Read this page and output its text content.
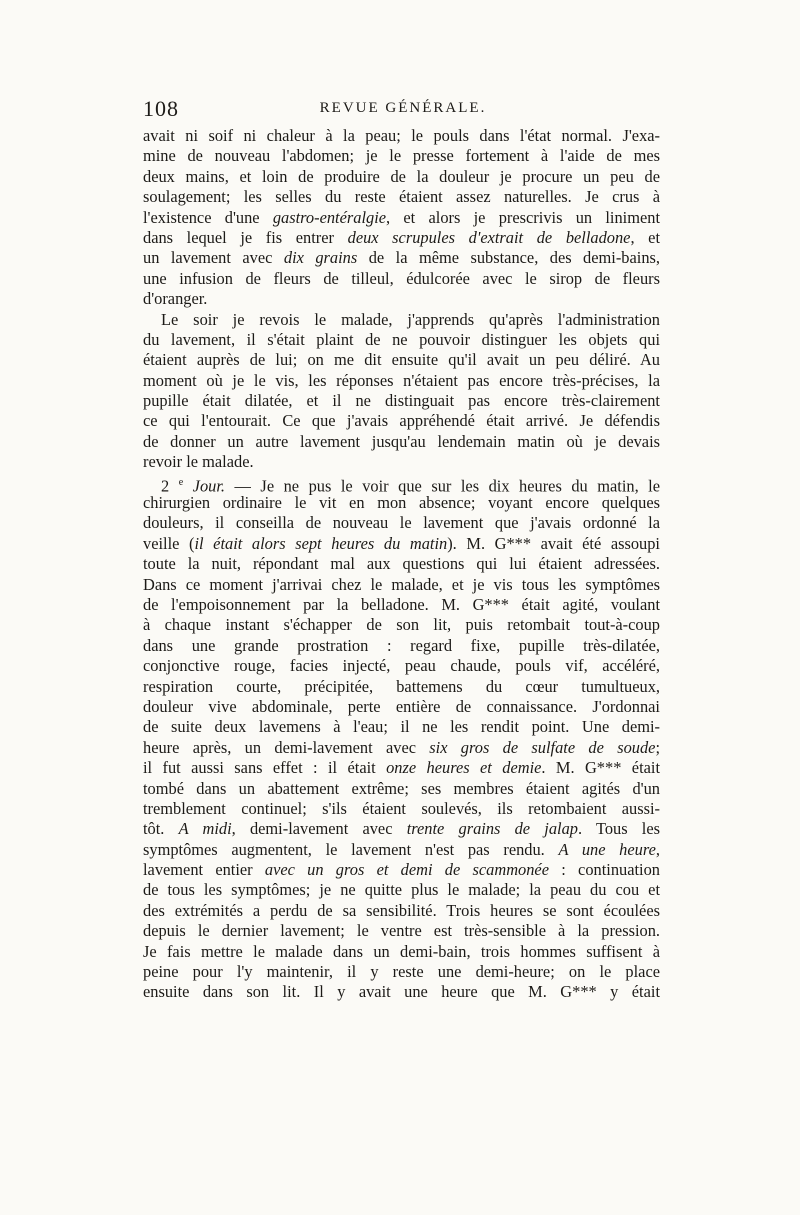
108	REVUE GÉNÉRALE.
avait ni soif ni chaleur à la peau; le pouls dans l'état normal. J'exa-
mine de nouveau l'abdomen; je le presse fortement à l'aide de mes
deux mains, et loin de produire de la douleur je procure un peu de
soulagement; les selles du reste étaient assez naturelles. Je crus à
l'existence d'une gastro-entéralgie, et alors je prescrivis un liniment
dans lequel je fis entrer deux scrupules d'extrait de belladone, et
un lavement avec dix grains de la même substance, des demi-bains,
une infusion de fleurs de tilleul, édulcorée avec le sirop de fleurs
d'oranger.
Le soir je revois le malade, j'apprends qu'après l'administration
du lavement, il s'était plaint de ne pouvoir distinguer les objets qui
étaient auprès de lui; on me dit ensuite qu'il avait un peu déliré. Au
moment où je le vis, les réponses n'étaient pas encore très-précises, la
pupille était dilatée, et il ne distinguait pas encore très-clairement
ce qui l'entourait. Ce que j'avais appréhendé était arrivé. Je défendis
de donner un autre lavement jusqu'au lendemain matin où je devais
revoir le malade.
2 $^e$ Jour. — Je ne pus le voir que sur les dix heures du matin, le
chirurgien ordinaire le vit en mon absence; voyant encore quelques
douleurs, il conseilla de nouveau le lavement que j'avais ordonné la
veille (il était alors sept heures du matin). M. G*** avait été assoupi
toute la nuit, répondant mal aux questions qui lui étaient adressées.
Dans ce moment j'arrivai chez le malade, et je vis tous les symptômes
de l'empoisonnement par la belladone. M. G*** était agité, voulant
à chaque instant s'échapper de son lit, puis retombait tout-à-coup
dans une grande prostration : regard fixe, pupille très-dilatée,
conjonctive rouge, facies injecté, peau chaude, pouls vif, accéléré,
respiration courte, précipitée, battemens du cœur tumultueux,
douleur vive abdominale, perte entière de connaissance. J'ordonnai
de suite deux lavemens à l'eau; il ne les rendit point. Une demi-
heure après, un demi-lavement avec six gros de sulfate de soude;
il fut aussi sans effet : il était onze heures et demie. M. G*** était
tombé dans un abattement extrême; ses membres étaient agités d'un
tremblement continuel; s'ils étaient soulevés, ils retombaient aussi-
tôt. A midi, demi-lavement avec trente grains de jalap. Tous les
symptômes augmentent, le lavement n'est pas rendu. A une heure,
lavement entier avec un gros et demi de scammonée : continuation
de tous les symptômes; je ne quitte plus le malade; la peau du cou et
des extrémités a perdu de sa sensibilité. Trois heures se sont écoulées
depuis le dernier lavement; le ventre est très-sensible à la pression.
Je fais mettre le malade dans un demi-bain, trois hommes suffisent à
peine pour l'y maintenir, il y reste une demi-heure; on le place
ensuite dans son lit. Il y avait une heure que M. G*** y était
